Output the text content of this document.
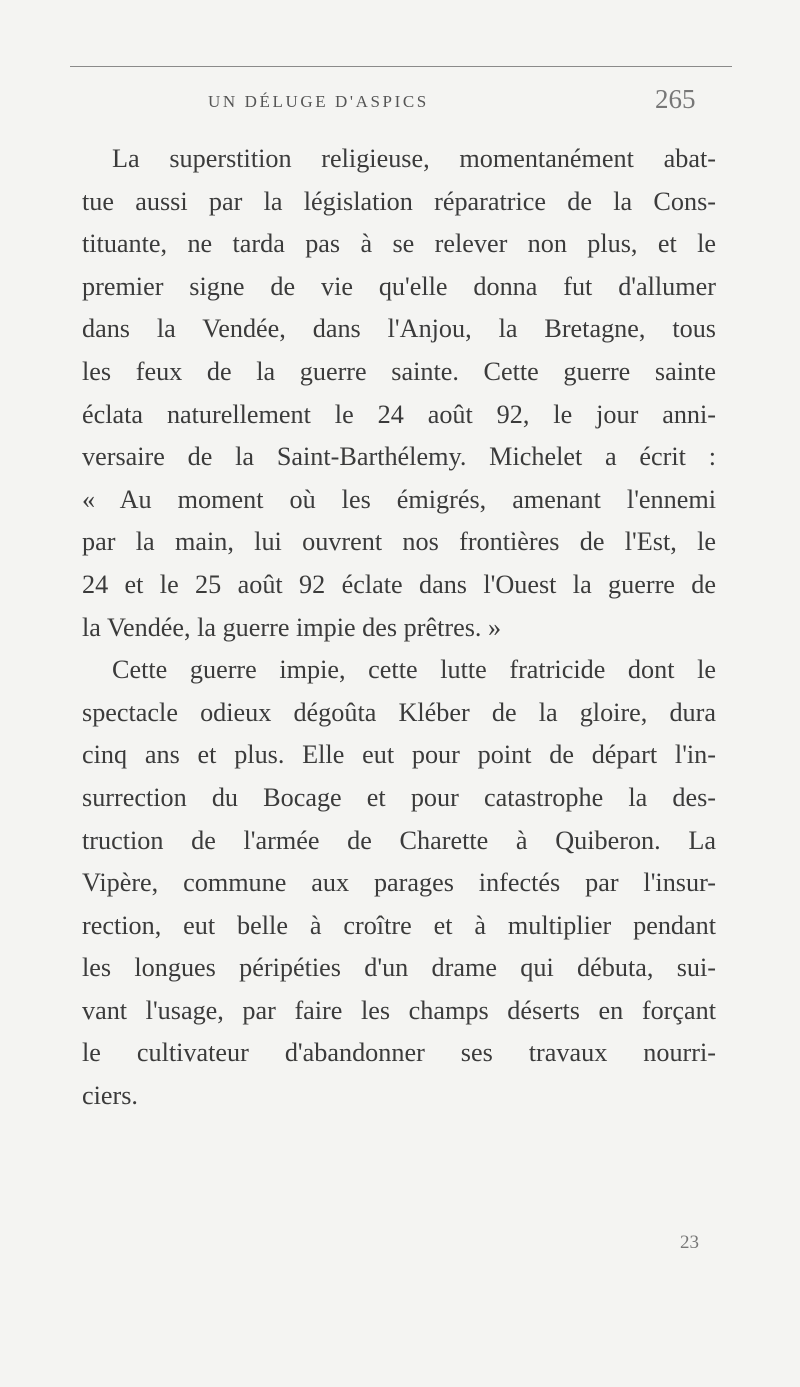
UN DÉLUGE D'ASPICS	265
La superstition religieuse, momentanément abat-
tue aussi par la législation réparatrice de la Cons-
tituante, ne tarda pas à se relever non plus, et le
premier signe de vie qu'elle donna fut d'allumer
dans la Vendée, dans l'Anjou, la Bretagne, tous
les feux de la guerre sainte. Cette guerre sainte
éclata naturellement le 24 août 92, le jour anni-
versaire de la Saint-Barthélemy. Michelet a écrit :
« Au moment où les émigrés, amenant l'ennemi
par la main, lui ouvrent nos frontières de l'Est, le
24 et le 25 août 92 éclate dans l'Ouest la guerre de
la Vendée, la guerre impie des prêtres. »
Cette guerre impie, cette lutte fratricide dont le
spectacle odieux dégoûta Kléber de la gloire, dura
cinq ans et plus. Elle eut pour point de départ l'in-
surrection du Bocage et pour catastrophe la des-
truction de l'armée de Charette à Quiberon. La
Vipère, commune aux parages infectés par l'insur-
rection, eut belle à croître et à multiplier pendant
les longues péripéties d'un drame qui débuta, sui-
vant l'usage, par faire les champs déserts en forçant
le cultivateur d'abandonner ses travaux nourri-
ciers.
23
